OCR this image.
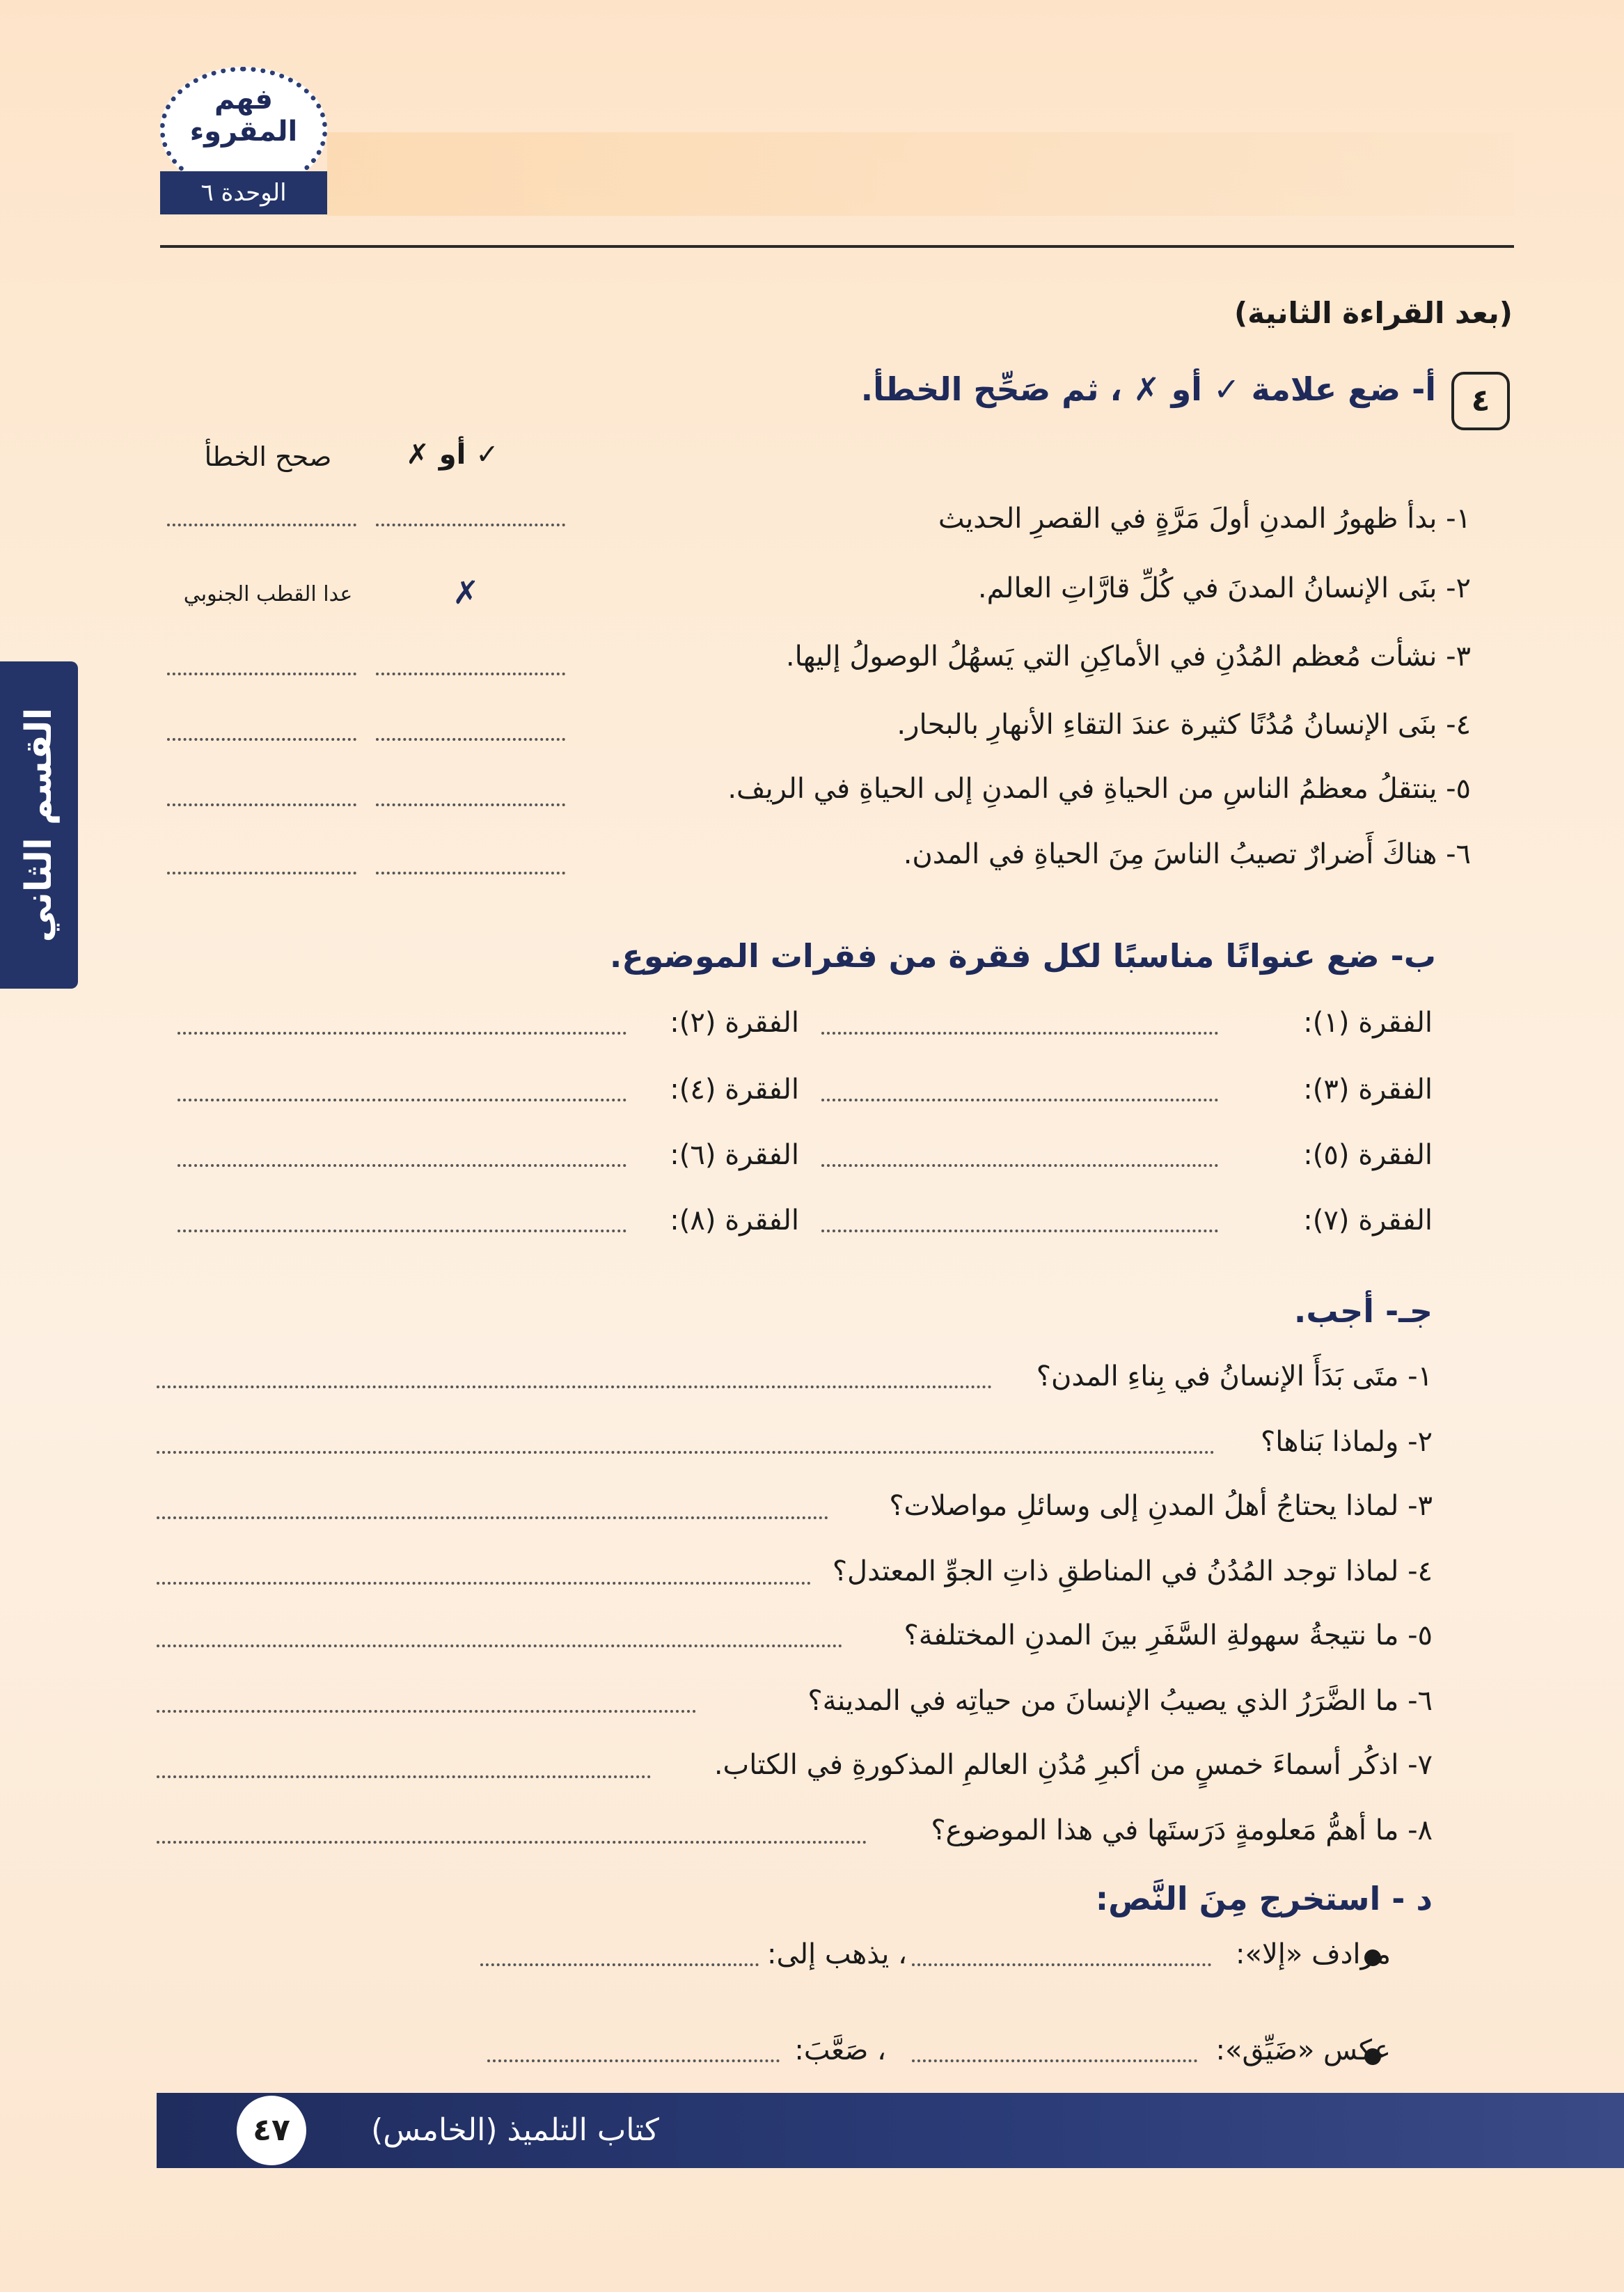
فهم
المقروء
الوحدة ٦
القسم الثاني
(بعد القراءة الثانية)
٤
أ- ضع علامة ✓ أو ✗ ، ثم صَحِّح الخطأ.
✓ أو ✗
صحح الخطأ
١- بدأ ظهورُ المدنِ أولَ مَرَّةٍ في القصرِ الحديث
٢- بنَى الإنسانُ المدنَ في كُلِّ قارَّاتِ العالم.
✗
عدا القطب الجنوبي
٣- نشأت مُعظم المُدُنِ في الأماكِنِ التي يَسهُلُ الوصولُ إليها.
٤- بنَى الإنسانُ مُدُنًا كثيرة عندَ التقاءِ الأنهارِ بالبحار.
٥- ينتقلُ معظمُ الناسِ من الحياةِ في المدنِ إلى الحياةِ في الريف.
٦- هناكَ أَضرارٌ تصيبُ الناسَ مِنَ الحياةِ في المدن.
ب- ضع عنوانًا مناسبًا لكل فقرة من فقرات الموضوع.
الفقرة (١):
الفقرة (٢):
الفقرة (٣):
الفقرة (٤):
الفقرة (٥):
الفقرة (٦):
الفقرة (٧):
الفقرة (٨):
جـ- أجب.
١- متَى بَدَأَ الإنسانُ في بِناءِ المدن؟
٢- ولماذا بَناها؟
٣- لماذا يحتاجُ أهلُ المدنِ إلى وسائلِ مواصلات؟
٤- لماذا توجد المُدُنُ في المناطقِ ذاتِ الجوِّ المعتدل؟
٥- ما نتيجةُ سهولةِ السَّفَرِ بينَ المدنِ المختلفة؟
٦- ما الضَّرَرُ الذي يصيبُ الإنسانَ من حياتِه في المدينة؟
٧- اذكُر أسماءَ خمسٍ من أكبرِ مُدُنِ العالمِ المذكورةِ في الكتاب.
٨- ما أهمُّ مَعلومةٍ دَرَستَها في هذا الموضوع؟
د - استخرج مِنَ النَّص:
مرادف «إلا»:
، يذهب إلى:
عكس «ضَيِّق»:
، صَعَّبَ:
٤٧	كتاب التلميذ (الخامس)
